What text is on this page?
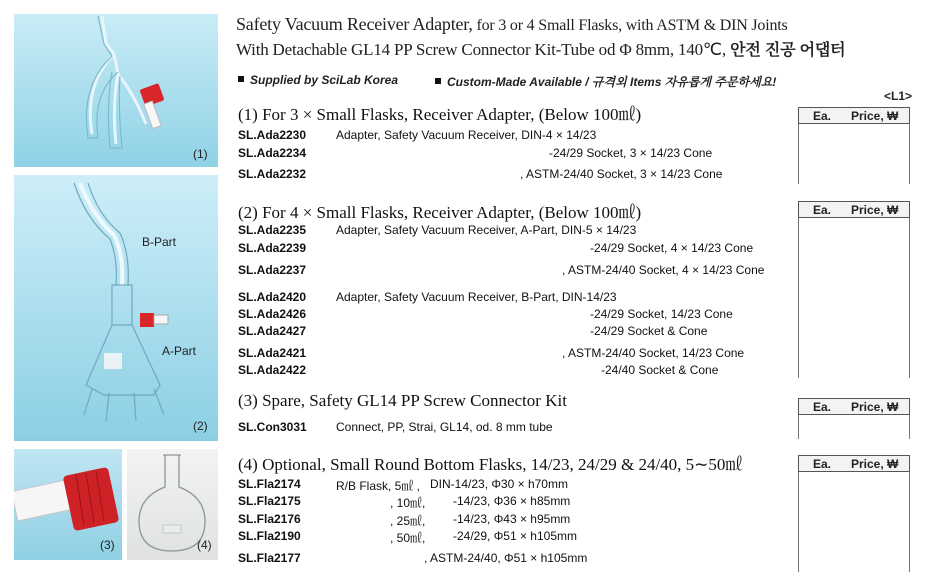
(1)
B-Part
A-Part
(2)
(3)	(4)
Safety Vacuum Receiver Adapter, for 3 or 4 Small Flasks, with ASTM & DIN Joints
With Detachable GL14 PP Screw Connector Kit-Tube od Φ 8mm, 140℃, 안전 진공 어댑터
Supplied by SciLab Korea	Custom-Made Available / 규격외 Items 자유롭게 주문하세요!
<L1>
(1) For 3 × Small Flasks, Receiver Adapter, (Below 100㎖)	Ea. Price, ₩
SL.Ada2230 Adapter, Safety Vacuum Receiver, DIN-4 × 14/23
SL.Ada2234	-24/29 Socket, 3 × 14/23 Cone
SL.Ada2232	, ASTM-24/40 Socket, 3 × 14/23 Cone
(2) For 4 × Small Flasks, Receiver Adapter, (Below 100㎖)	Ea. Price, ₩
SL.Ada2235 Adapter, Safety Vacuum Receiver, A-Part, DIN-5 × 14/23
SL.Ada2239	-24/29 Socket, 4 × 14/23 Cone
SL.Ada2237	, ASTM-24/40 Socket, 4 × 14/23 Cone
SL.Ada2420 Adapter, Safety Vacuum Receiver, B-Part, DIN-14/23
SL.Ada2426	-24/29 Socket, 14/23 Cone
SL.Ada2427	-24/29 Socket & Cone
SL.Ada2421	, ASTM-24/40 Socket, 14/23 Cone
SL.Ada2422	-24/40 Socket & Cone
(3) Spare, Safety GL14 PP Screw Connector Kit	Ea. Price, ₩
SL.Con3031 Connect, PP, Strai, GL14, od. 8 mm tube
(4) Optional, Small Round Bottom Flasks, 14/23, 24/29 & 24/40, 5∼50㎖	Ea. Price, ₩
SL.Fla2174	R/B Flask, 5㎖ , DIN-14/23, Φ30 × h70mm
SL.Fla2175	, 10㎖, -14/23, Φ36 × h85mm
SL.Fla2176	, 25㎖, -14/23, Φ43 × h95mm
SL.Fla2190	, 50㎖, -24/29, Φ51 × h105mm
SL.Fla2177	, ASTM-24/40, Φ51 × h105mm
